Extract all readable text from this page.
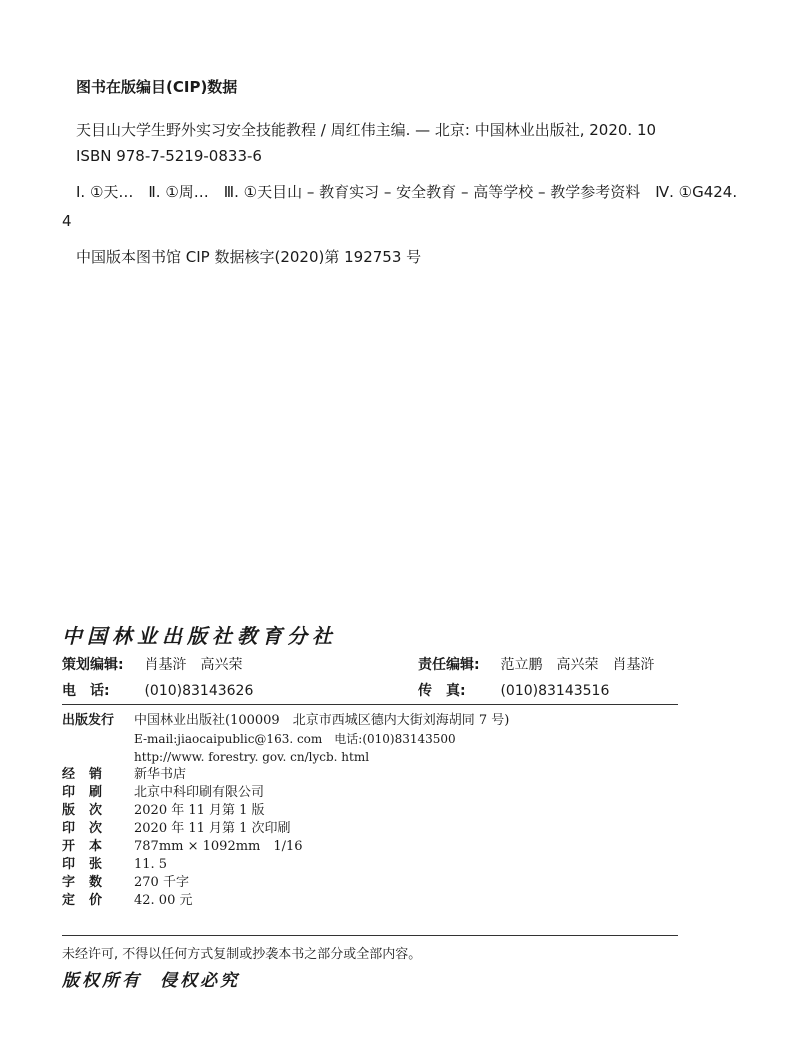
图书在版编目(CIP)数据
天目山大学生野外实习安全技能教程 / 周红伟主编. — 北京: 中国林业出版社, 2020. 10
ISBN 978-7-5219-0833-6
Ⅰ. ①天…　Ⅱ. ①周…　Ⅲ. ①天目山 – 教育实习 – 安全教育 – 高等学校 – 教学参考资料　Ⅳ. ①G424. 4
中国版本图书馆 CIP 数据核字(2020)第 192753 号
中国林业出版社教育分社
策划编辑: 肖基浒　高兴荣	责任编辑: 范立鹏　高兴荣　肖基浒
电　话: (010)83143626	传　真: (010)83143516
出版发行	中国林业出版社(100009　北京市西城区德内大街刘海胡同 7 号)
E-mail:jiaocaipublic@163. com　电话:(010)83143500
http://www. forestry. gov. cn/lycb. html
经销	新华书店
印刷	北京中科印刷有限公司
版次	2020 年 11 月第 1 版
印次	2020 年 11 月第 1 次印刷
开本	787mm × 1092mm　1/16
印张	11. 5
字数	270 千字
定价	42. 00 元
未经许可, 不得以任何方式复制或抄袭本书之部分或全部内容。
版权所有 侵权必究
